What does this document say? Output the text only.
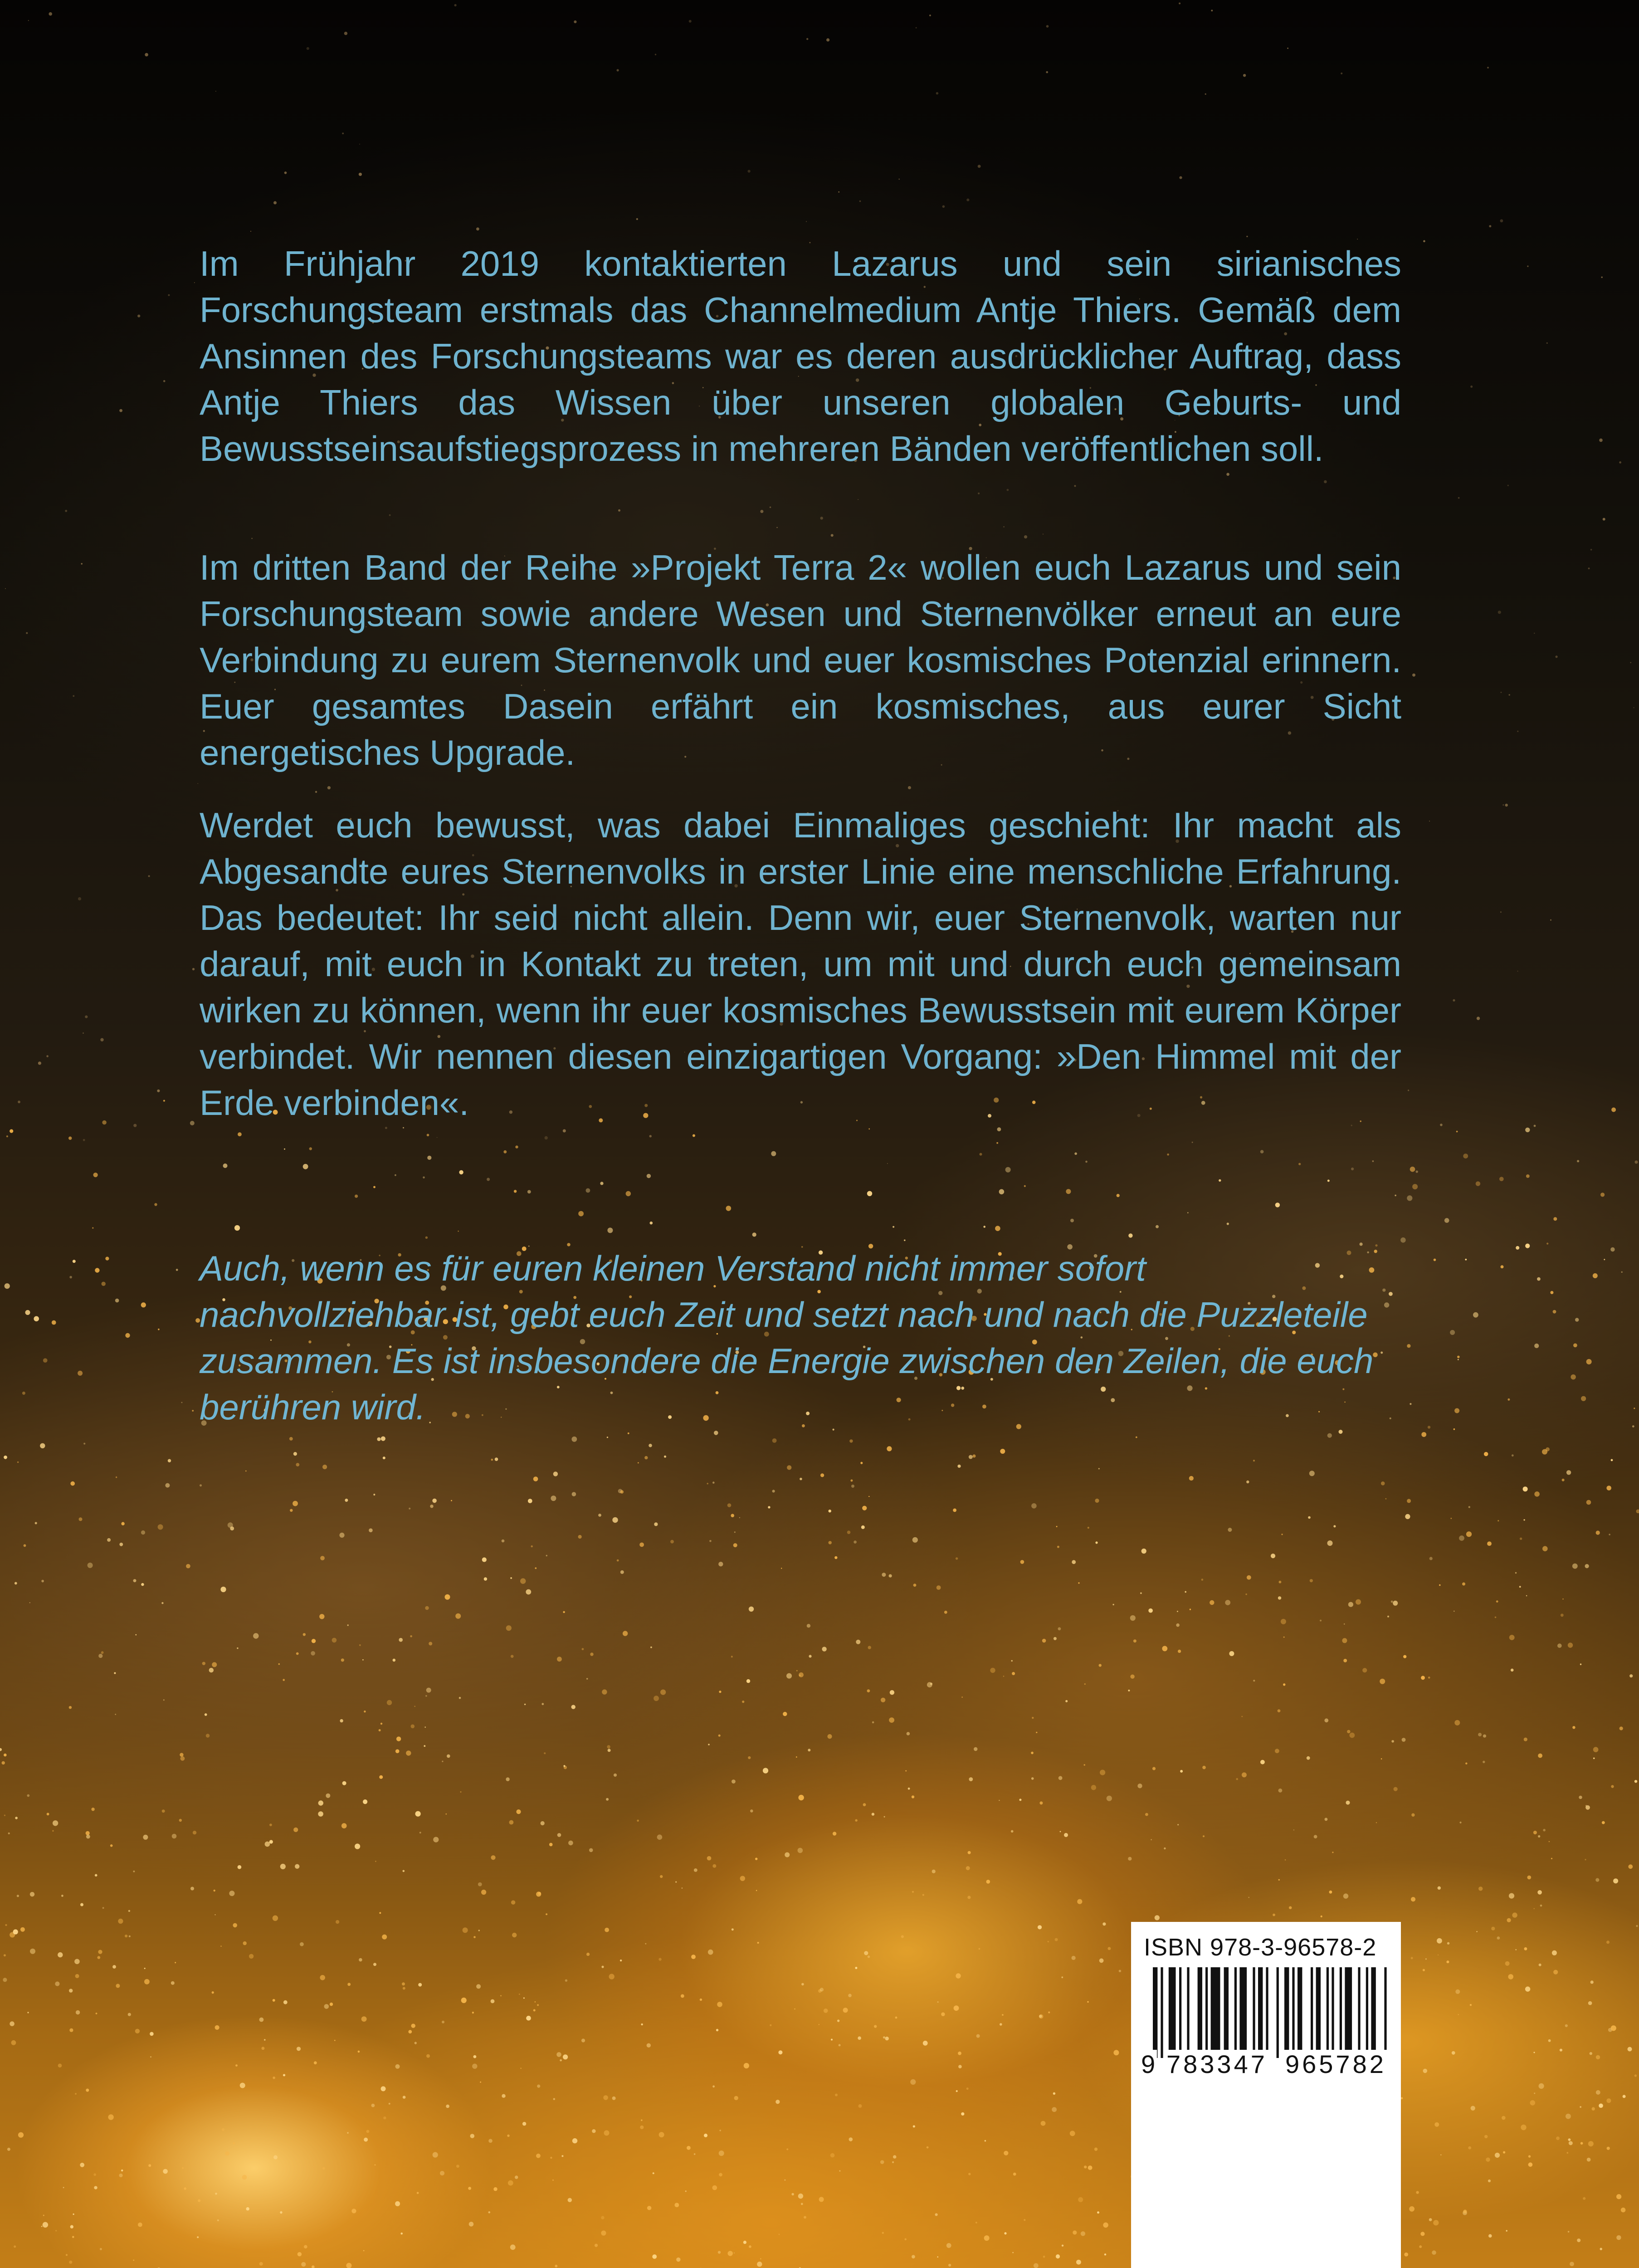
Im Frühjahr 2019 kontaktierten Lazarus und sein sirianisches Forschungsteam erstmals das Channelmedium Antje Thiers. Gemäß dem Ansinnen des Forschungsteams war es deren ausdrücklicher Auftrag, dass Antje Thiers das Wissen über unseren globalen Geburts- und Bewusstseinsaufstiegsprozess in mehreren Bänden veröffentlichen soll.

Im dritten Band der Reihe »Projekt Terra 2« wollen euch Lazarus und sein Forschungsteam sowie andere Wesen und Sternenvölker erneut an eure Verbindung zu eurem Sternenvolk und euer kosmisches Potenzial erinnern. Euer gesamtes Dasein erfährt ein kosmisches, aus eurer Sicht energetisches Upgrade.

Werdet euch bewusst, was dabei Einmaliges geschieht: Ihr macht als Abgesandte eures Sternenvolks in erster Linie eine menschliche Erfahrung. Das bedeutet: Ihr seid nicht allein. Denn wir, euer Sternenvolk, warten nur darauf, mit euch in Kontakt zu treten, um mit und durch euch gemeinsam wirken zu können, wenn ihr euer kosmisches Bewusstsein mit eurem Körper verbindet. Wir nennen diesen einzigartigen Vorgang: »Den Himmel mit der Erde verbinden«.

Auch, wenn es für euren kleinen Verstand nicht immer sofort nachvollziehbar ist, gebt euch Zeit und setzt nach und nach die Puzzleteile zusammen. Es ist insbesondere die Energie zwischen den Zeilen, die euch berühren wird.

ISBN 978-3-96578-2
9 783347 965782
